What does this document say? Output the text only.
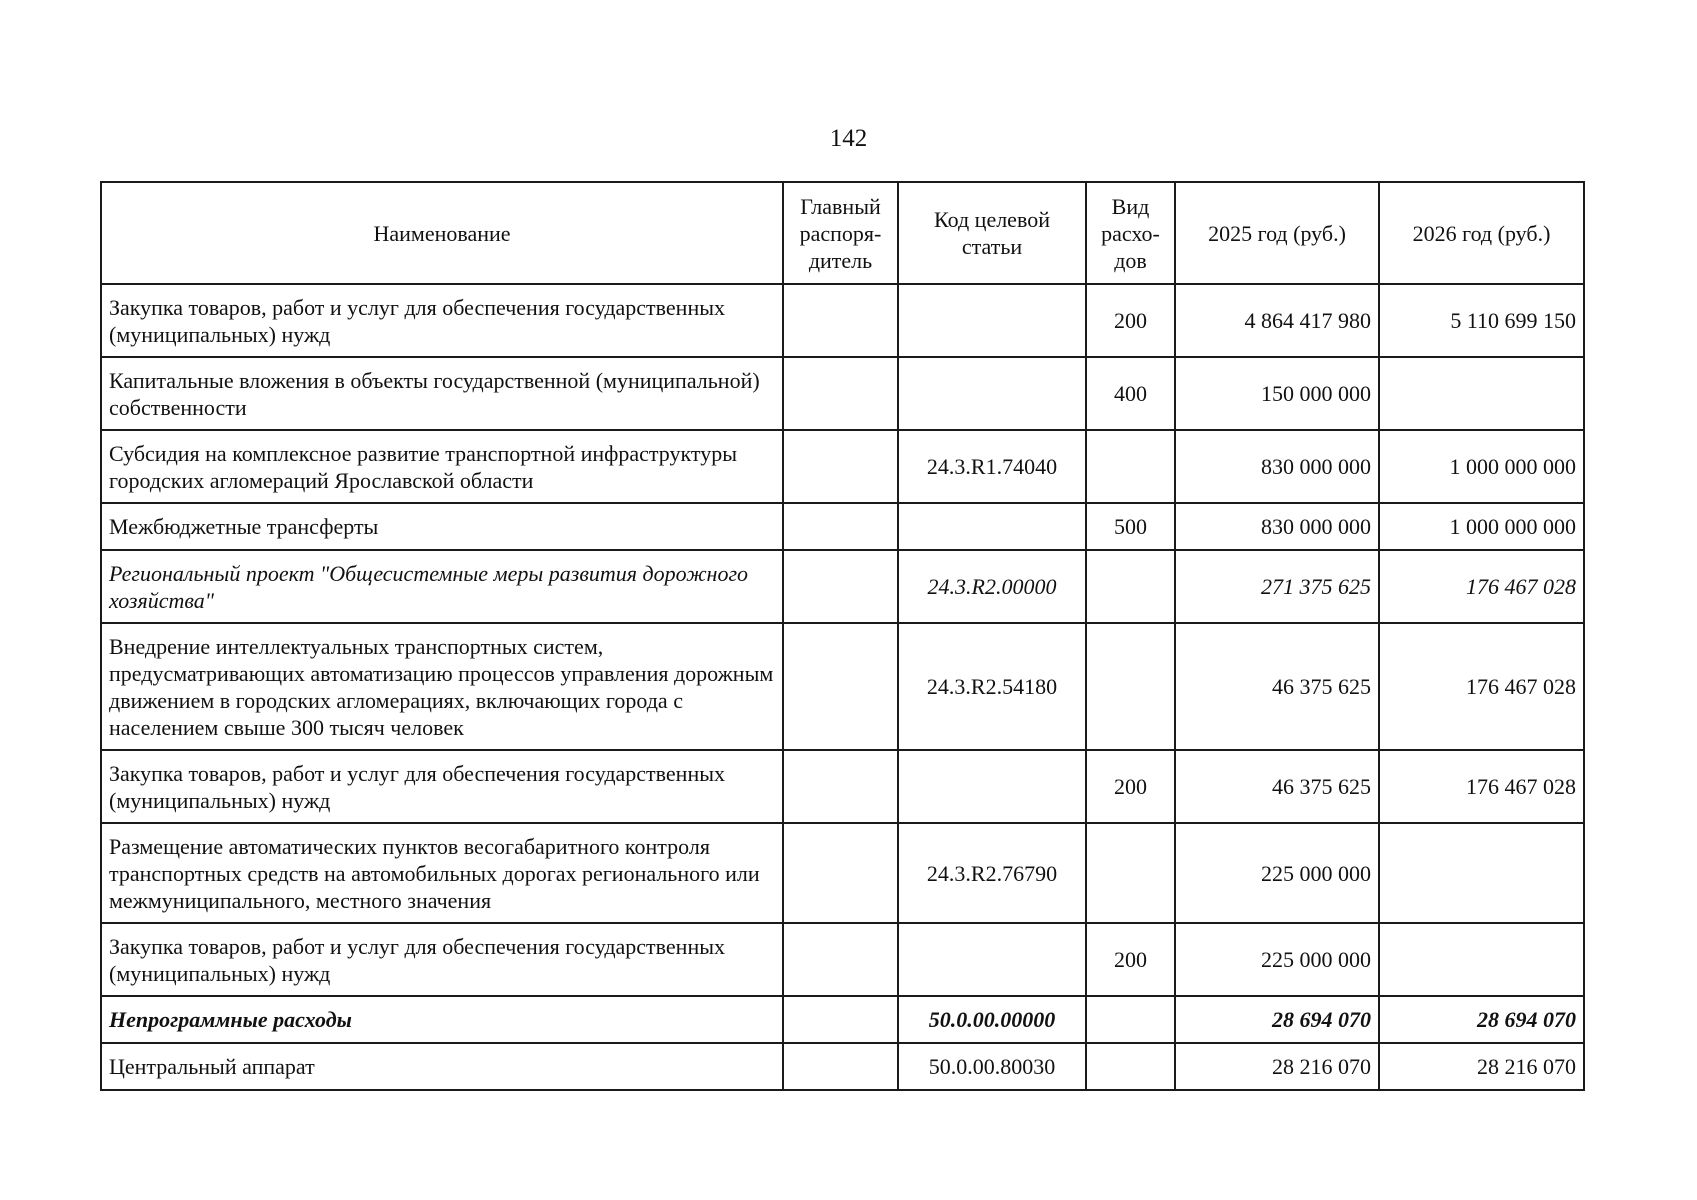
142
Наименование	Главный распоря-дитель	Код целевой статьи	Вид расхо-дов	2025 год (руб.)	2026 год (руб.)
Закупка товаров, работ и услуг для обеспечения государственных (муниципальных) нужд			200	4 864 417 980	5 110 699 150
Капитальные вложения в объекты государственной (муниципальной) собственности			400	150 000 000	
Субсидия на комплексное развитие транспортной инфраструктуры городских агломераций Ярославской области		24.3.R1.74040		830 000 000	1 000 000 000
Межбюджетные трансферты			500	830 000 000	1 000 000 000
Региональный проект "Общесистемные меры развития дорожного хозяйства"		24.3.R2.00000		271 375 625	176 467 028
Внедрение интеллектуальных транспортных систем, предусматривающих автоматизацию процессов управления дорожным движением в городских агломерациях, включающих города с населением свыше 300 тысяч человек		24.3.R2.54180		46 375 625	176 467 028
Закупка товаров, работ и услуг для обеспечения государственных (муниципальных) нужд			200	46 375 625	176 467 028
Размещение автоматических пунктов весогабаритного контроля транспортных средств на автомобильных дорогах регионального или межмуниципального, местного значения		24.3.R2.76790		225 000 000	
Закупка товаров, работ и услуг для обеспечения государственных (муниципальных) нужд			200	225 000 000	
Непрограммные расходы		50.0.00.00000		28 694 070	28 694 070
Центральный аппарат		50.0.00.80030		28 216 070	28 216 070
